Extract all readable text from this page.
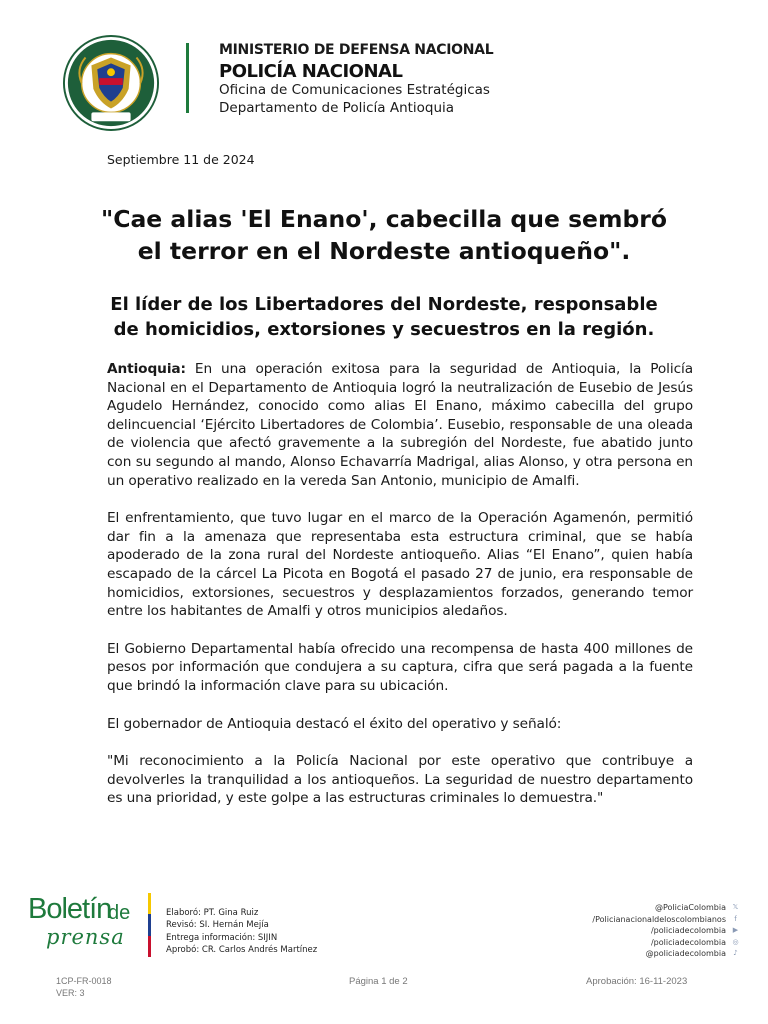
MINISTERIO DE DEFENSA NACIONAL
POLICÍA NACIONAL
Oficina de Comunicaciones Estratégicas
Departamento de Policía Antioquia
Septiembre 11 de 2024
"Cae alias 'El Enano', cabecilla que sembró el terror en el Nordeste antioqueño".
El líder de los Libertadores del Nordeste, responsable de homicidios, extorsiones y secuestros en la región.

Antioquia: En una operación exitosa para la seguridad de Antioquia, la Policía Nacional en el Departamento de Antioquia logró la neutralización de Eusebio de Jesús Agudelo Hernández, conocido como alias El Enano, máximo cabecilla del grupo delincuencial ‘Ejército Libertadores de Colombia’. Eusebio, responsable de una oleada de violencia que afectó gravemente a la subregión del Nordeste, fue abatido junto con su segundo al mando, Alonso Echavarría Madrigal, alias Alonso, y otra persona en un operativo realizado en la vereda San Antonio, municipio de Amalfi.

El enfrentamiento, que tuvo lugar en el marco de la Operación Agamenón, permitió dar fin a la amenaza que representaba esta estructura criminal, que se había apoderado de la zona rural del Nordeste antioqueño. Alias “El Enano”, quien había escapado de la cárcel La Picota en Bogotá el pasado 27 de junio, era responsable de homicidios, extorsiones, secuestros y desplazamientos forzados, generando temor entre los habitantes de Amalfi y otros municipios aledaños.

El Gobierno Departamental había ofrecido una recompensa de hasta 400 millones de pesos por información que condujera a su captura, cifra que será pagada a la fuente que brindó la información clave para su ubicación.

El gobernador de Antioquia destacó el éxito del operativo y señaló:

"Mi reconocimiento a la Policía Nacional por este operativo que contribuye a devolverles la tranquilidad a los antioqueños. La seguridad de nuestro departamento es una prioridad, y este golpe a las estructuras criminales lo demuestra."

Boletín
de
prensa
Elaboró: PT. Gina Ruiz
Revisó: SI. Hernán Mejía
Entrega información: SIJIN
Aprobó: CR. Carlos Andrés Martínez
@PoliciaColombia 𝕏
/Policianacionaldeloscolombianos	f
/policiadecolombia ▶
/policiadecolombia ◎
@policiadecolombia	♪
1CP-FR-0018
VER: 3
Página 1 de 2	Aprobación: 16-11-2023
